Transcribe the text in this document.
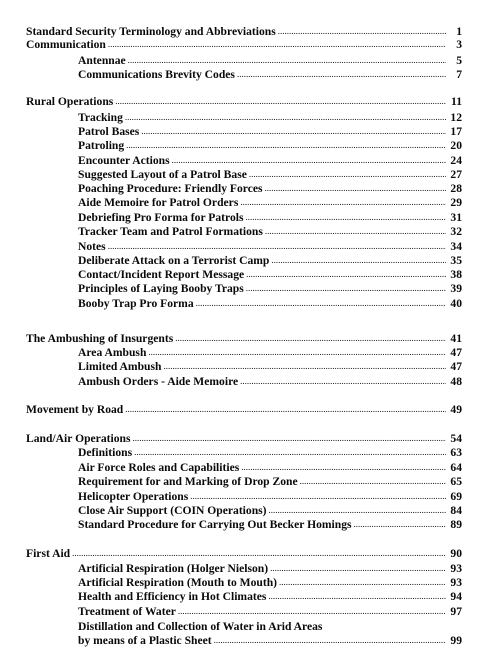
Standard Security Terminology and Abbreviations .....	1
Communication .....	3
Antennae .....	5
Communications Brevity Codes .....	7
Rural Operations .....	11
Tracking .....	12
Patrol Bases .....	17
Patroling .....	20
Encounter Actions .....	24
Suggested Layout of a Patrol Base .....	27
Poaching Procedure: Friendly Forces .....	28
Aide Memoire for Patrol Orders .....	29
Debriefing Pro Forma for Patrols .....	31
Tracker Team and Patrol Formations .....	32
Notes .....	34
Deliberate Attack on a Terrorist Camp .....	35
Contact/Incident Report Message .....	38
Principles of Laying Booby Traps .....	39
Booby Trap Pro Forma .....	40
The Ambushing of Insurgents .....	41
Area Ambush .....	47
Limited Ambush .....	47
Ambush Orders - Aide Memoire .....	48
Movement by Road .....	49
Land/Air Operations .....	54
Definitions .....	63
Air Force Roles and Capabilities .....	64
Requirement for and Marking of Drop Zone .....	65
Helicopter Operations .....	69
Close Air Support (COIN Operations) .....	84
Standard Procedure for Carrying Out Becker Homings .....	89
First Aid .....	90
Artificial Respiration (Holger Nielson) .....	93
Artificial Respiration (Mouth to Mouth) .....	93
Health and Efficiency in Hot Climates .....	94
Treatment of Water .....	97
Distillation and Collection of Water in Arid Areas
by means of a Plastic Sheet .....	99
